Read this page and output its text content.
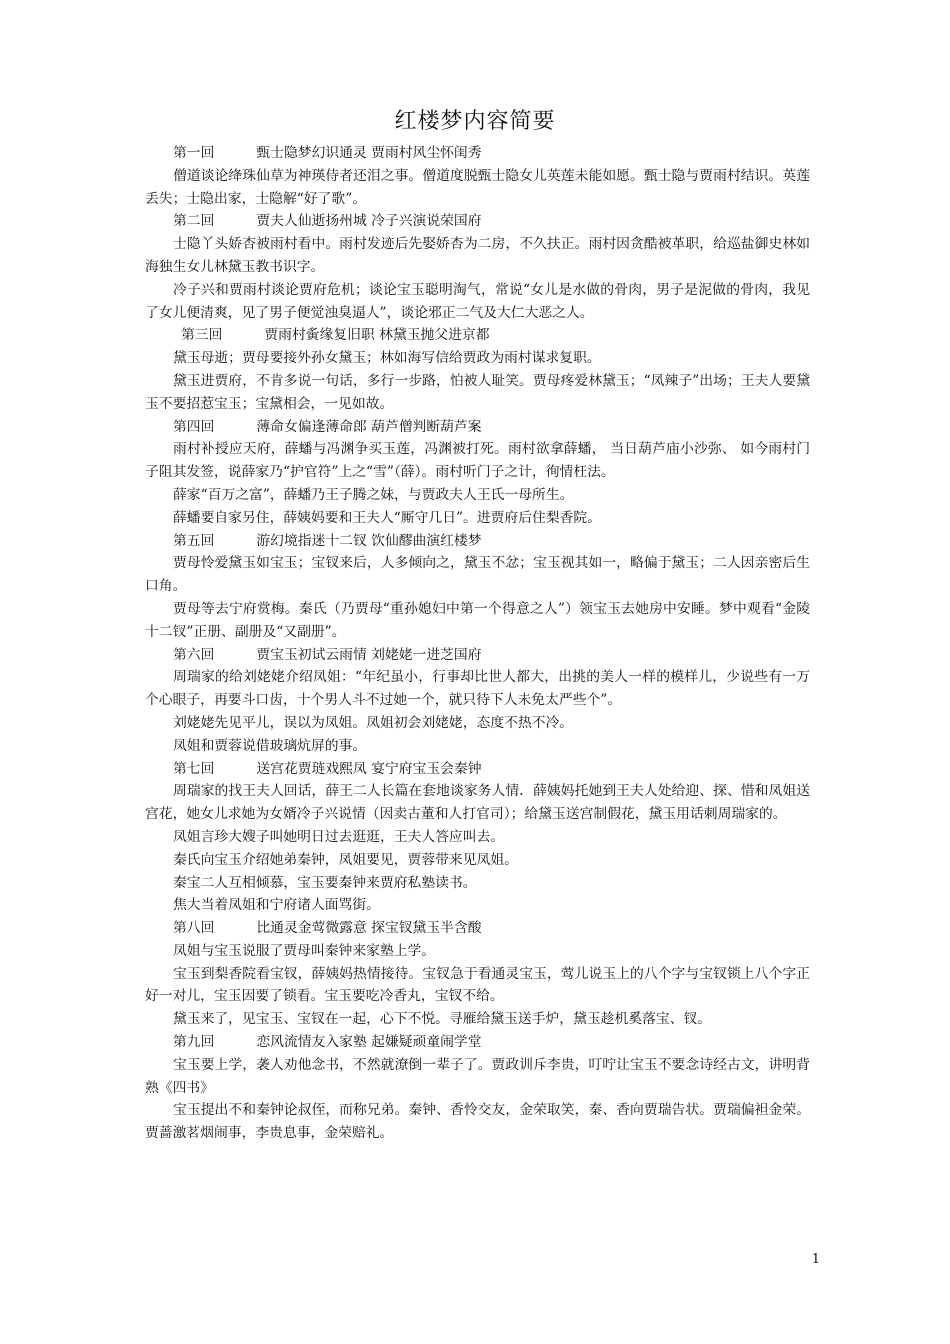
红楼梦内容简要

第一回	甄士隐梦幻识通灵 贾雨村风尘怀闺秀

僧道谈论绛珠仙草为神瑛侍者还泪之事。僧道度脱甄士隐女儿英莲未能如愿。甄士隐与贾雨村结识。英莲丢失；士隐出家，士隐解“好了歌”。

第二回	贾夫人仙逝扬州城 冷子兴演说荣国府

士隐丫头娇杏被雨村看中。雨村发迹后先娶娇杏为二房，不久扶正。雨村因贪酷被革职，给巡盐御史林如海独生女儿林黛玉教书识字。

冷子兴和贾雨村谈论贾府危机；谈论宝玉聪明淘气，常说“女儿是水做的骨肉，男子是泥做的骨肉，我见了女儿便清爽，见了男子便觉浊臭逼人”，谈论邪正二气及大仁大恶之人。

第三回	贾雨村夤缘复旧职 林黛玉抛父进京都

黛玉母逝；贾母要接外孙女黛玉；林如海写信给贾政为雨村谋求复职。

黛玉进贾府，不肯多说一句话，多行一步路，怕被人耻笑。贾母疼爱林黛玉；“凤辣子”出场；王夫人要黛玉不要招惹宝玉；宝黛相会，一见如故。

第四回	薄命女偏逢薄命郎 葫芦僧判断葫芦案

雨村补授应天府，薛蟠与冯渊争买玉莲，冯渊被打死。雨村欲拿薛蟠， 当日葫芦庙小沙弥、 如今雨村门子阻其发签，说薛家乃“护官符”上之“雪”（薛）。雨村听门子之计，徇情枉法。

薛家“百万之富”，薛蟠乃王子腾之妹，与贾政夫人王氏一母所生。

薛蟠要自家另住，薛姨妈要和王夫人“厮守几日”。进贾府后住梨香院。

第五回	游幻境指迷十二钗 饮仙醪曲演红楼梦

贾母怜爱黛玉如宝玉；宝钗来后，人多倾向之，黛玉不忿；宝玉视其如一，略偏于黛玉；二人因亲密后生口角。

贾母等去宁府赏梅。秦氏（乃贾母“重孙媳妇中第一个得意之人”）领宝玉去她房中安睡。梦中观看“金陵十二钗”正册、副册及“又副册”。

第六回	贾宝玉初试云雨情 刘姥姥一进芝国府

周瑞家的给刘姥姥介绍凤姐：“年纪虽小，行事却比世人都大，出挑的美人一样的模样儿，少说些有一万个心眼子，再要斗口齿，十个男人斗不过她一个，就只待下人未免太严些个”。

刘姥姥先见平儿，误以为凤姐。凤姐初会刘姥姥，态度不热不冷。

凤姐和贾蓉说借玻璃炕屏的事。

第七回	送宫花贾琏戏熙凤 宴宁府宝玉会秦钟

周瑞家的找王夫人回话，薛王二人长篇在套地谈家务人情．薛姨妈托她到王夫人处给迎、探、惜和凤姐送宫花，她女儿求她为女婿冷子兴说情（因卖古董和人打官司）；给黛玉送宫制假花，黛玉用话刺周瑞家的。

凤姐言珍大嫂子叫她明日过去逛逛，王夫人答应叫去。

秦氏向宝玉介绍她弟秦钟，凤姐要见，贾蓉带来见凤姐。

秦宝二人互相倾慕，宝玉要秦钟来贾府私塾读书。

焦大当着凤姐和宁府诸人面骂街。

第八回	比通灵金莺微露意 探宝钗黛玉半含酸

凤姐与宝玉说服了贾母叫秦钟来家塾上学。

宝玉到梨香院看宝钗，薛姨妈热情接待。宝钗急于看通灵宝玉，莺儿说玉上的八个字与宝钗锁上八个字正好一对儿，宝玉因要了锁看。宝玉要吃冷香丸，宝钗不给。

黛玉来了，见宝玉、宝钗在一起，心下不悦。寻雁给黛玉送手炉，黛玉趁机奚落宝、钗。

第九回	恋风流情友入家塾 起嫌疑顽童闹学堂

宝玉要上学，袭人劝他念书，不然就潦倒一辈子了。贾政训斥李贵，叮咛让宝玉不要念诗经古文，讲明背熟《四书》

宝玉提出不和秦钟论叔侄，而称兄弟。秦钟、香怜交友，金荣取笑，秦、香向贾瑞告状。贾瑞偏袒金荣。贾蔷激茗烟闹事，李贵息事，金荣赔礼。

1
